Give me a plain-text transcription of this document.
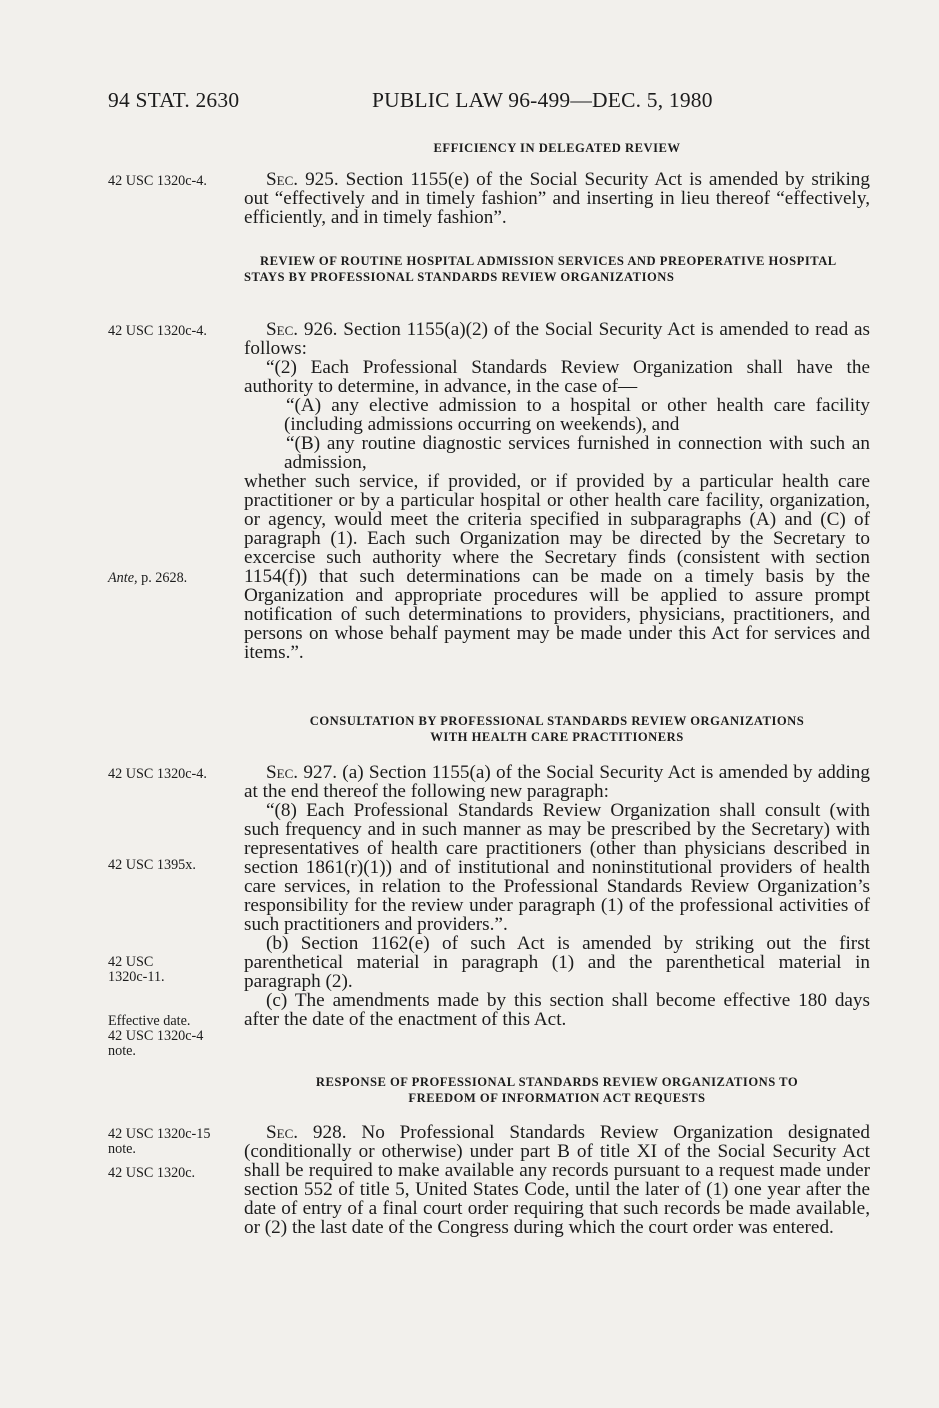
94 STAT. 2630	PUBLIC LAW 96-499—DEC. 5, 1980
EFFICIENCY IN DELEGATED REVIEW
42 USC 1320c-4.	Sec. 925. Section 1155(e) of the Social Security Act is amended by striking out “effectively and in timely fashion” and inserting in lieu thereof “effectively, efficiently, and in timely fashion”.

REVIEW OF ROUTINE HOSPITAL ADMISSION SERVICES AND PREOPERATIVE HOSPITAL STAYS BY PROFESSIONAL STANDARDS REVIEW ORGANIZATIONS
42 USC 1320c-4.
Ante, p. 2628.

Sec. 926. Section 1155(a)(2) of the Social Security Act is amended to read as follows:

“(2) Each Professional Standards Review Organization shall have the authority to determine, in advance, in the case of—

“(A) any elective admission to a hospital or other health care facility (including admissions occurring on weekends), and

“(B) any routine diagnostic services furnished in connection with such an admission,

whether such service, if provided, or if provided by a particular health care practitioner or by a particular hospital or other health care facility, organization, or agency, would meet the criteria specified in subparagraphs (A) and (C) of paragraph (1). Each such Organization may be directed by the Secretary to excercise such authority where the Secretary finds (consistent with section 1154(f)) that such determinations can be made on a timely basis by the Organization and appropriate procedures will be applied to assure prompt notification of such determinations to providers, physicians, practitioners, and persons on whose behalf payment may be made under this Act for services and items.”.

CONSULTATION BY PROFESSIONAL STANDARDS REVIEW ORGANIZATIONS
WITH HEALTH CARE PRACTITIONERS
42 USC 1320c-4.
42 USC 1395x.
42 USC
1320c-11.
Effective date.
42 USC 1320c-4
note.

Sec. 927. (a) Section 1155(a) of the Social Security Act is amended by adding at the end thereof the following new paragraph:

“(8) Each Professional Standards Review Organization shall consult (with such frequency and in such manner as may be prescribed by the Secretary) with representatives of health care practitioners (other than physicians described in section 1861(r)(1)) and of institutional and noninstitutional providers of health care services, in relation to the Professional Standards Review Organization’s responsibility for the review under paragraph (1) of the professional activities of such practitioners and providers.”.

(b) Section 1162(e) of such Act is amended by striking out the first parenthetical material in paragraph (1) and the parenthetical material in paragraph (2).

(c) The amendments made by this section shall become effective 180 days after the date of the enactment of this Act.

RESPONSE OF PROFESSIONAL STANDARDS REVIEW ORGANIZATIONS TO
FREEDOM OF INFORMATION ACT REQUESTS
42 USC 1320c-15
note.
42 USC 1320c.

Sec. 928. No Professional Standards Review Organization designated (conditionally or otherwise) under part B of title XI of the Social Security Act shall be required to make available any records pursuant to a request made under section 552 of title 5, United States Code, until the later of (1) one year after the date of entry of a final court order requiring that such records be made available, or (2) the last date of the Congress during which the court order was entered.
